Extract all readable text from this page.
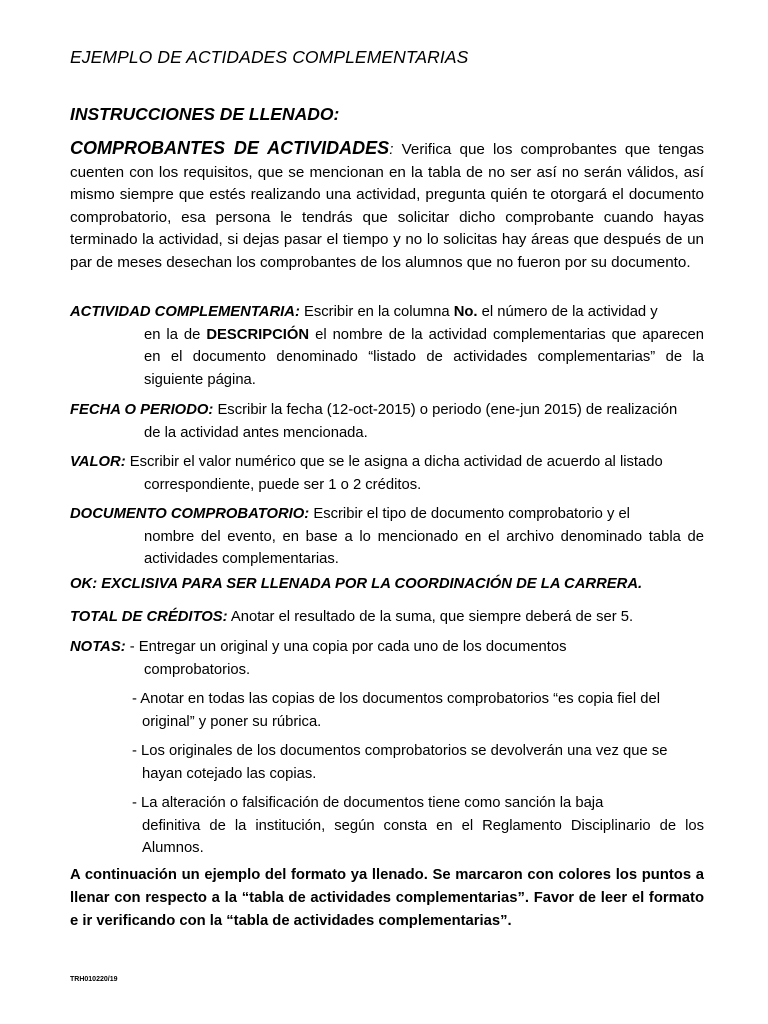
EJEMPLO DE ACTIDADES COMPLEMENTARIAS
INSTRUCCIONES DE LLENADO:
COMPROBANTES DE ACTIVIDADES: Verifica que los comprobantes que tengas cuenten con los requisitos, que se mencionan en la tabla de no ser así no serán válidos, así mismo siempre que estés realizando una actividad, pregunta quién te otorgará el documento comprobatorio, esa persona le tendrás que solicitar dicho comprobante cuando hayas terminado la actividad, si dejas pasar el tiempo y no lo solicitas hay áreas que después de un par de meses desechan los comprobantes de los alumnos que no fueron por su documento.
ACTIVIDAD COMPLEMENTARIA: Escribir en la columna No. el número de la actividad y
en la de DESCRIPCIÓN el nombre de la actividad complementarias que aparecen en el documento denominado “listado de actividades complementarias” de la siguiente página.
FECHA O PERIODO: Escribir la fecha (12-oct-2015) o periodo (ene-jun 2015) de realización
de la actividad antes mencionada.
VALOR: Escribir el valor numérico que se le asigna a dicha actividad de acuerdo al listado
correspondiente, puede ser 1 o 2 créditos.
DOCUMENTO COMPROBATORIO: Escribir el tipo de documento comprobatorio y el
nombre del evento, en base a lo mencionado en el archivo denominado tabla de actividades complementarias.
OK: EXCLISIVA PARA SER LLENADA POR LA COORDINACIÓN DE LA CARRERA.
TOTAL DE CRÉDITOS: Anotar el resultado de la suma, que siempre deberá de ser 5.
NOTAS: - Entregar un original y una copia por cada uno de los documentos
comprobatorios.
- Anotar en todas las copias de los documentos comprobatorios “es copia fiel del
original” y poner su rúbrica.
- Los originales de los documentos comprobatorios se devolverán una vez que se
hayan cotejado las copias.
- La alteración o falsificación de documentos tiene como sanción la baja
definitiva de la institución, según consta en el Reglamento Disciplinario de los Alumnos.
A continuación un ejemplo del formato ya llenado. Se marcaron con colores los puntos a llenar con respecto a la “tabla de actividades complementarias”. Favor de leer el formato e ir verificando con la “tabla de actividades complementarias”.
TRH010220/19
